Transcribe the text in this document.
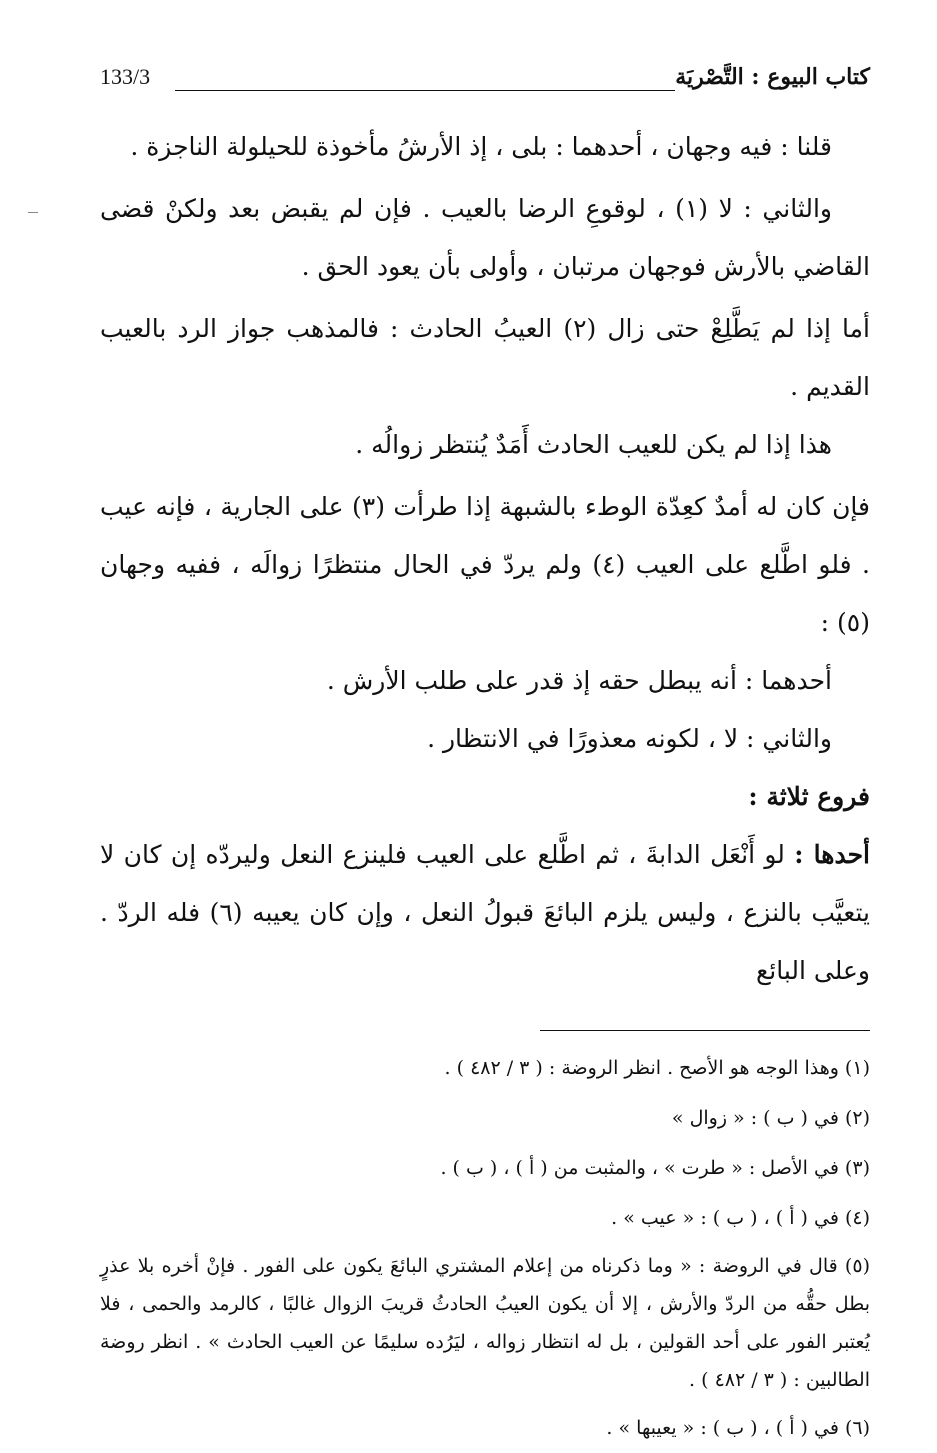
كتاب البيوع : التَّصْريَة
133/3

قلنا : فيه وجهان ، أحدهما : بلى ، إذ الأرشُ مأخوذة للحيلولة الناجزة .

والثاني : لا (١) ، لوقوعِ الرضا بالعيب . فإن لم يقبض بعد ولكنْ قضى القاضي بالأرش فوجهان مرتبان ، وأولى بأن يعود الحق .

أما إذا لم يَطَّلِعْ حتى زال (٢) العيبُ الحادث : فالمذهب جواز الرد بالعيب القديم .

هذا إذا لم يكن للعيب الحادث أَمَدٌ يُنتظر زوالُه .

فإن كان له أمدٌ كعِدّة الوطء بالشبهة إذا طرأت (٣) على الجارية ، فإنه عيب . فلو اطَّلع على العيب (٤) ولم يردّ في الحال منتظرًا زوالَه ، ففيه وجهان (٥) :

أحدهما : أنه يبطل حقه إذ قدر على طلب الأرش .

والثاني : لا ، لكونه معذورًا في الانتظار .

فروع ثلاثة :

أحدها : لو أَنْعَل الدابةَ ، ثم اطَّلع على العيب فلينزع النعل وليردّه إن كان لا يتعيَّب بالنزع ، وليس يلزم البائعَ قبولُ النعل ، وإن كان يعيبه (٦) فله الردّ . وعلى البائع

(١) وهذا الوجه هو الأصح . انظر الروضة : ( ٣ / ٤٨٢ ) .

(٢) في ( ب ) : « زوال »

(٣) في الأصل : « طرت » ، والمثبت من ( أ ) ، ( ب ) .

(٤) في ( أ ) ، ( ب ) : « عيب » .

(٥) قال في الروضة : « وما ذكرناه من إعلام المشتري البائعَ يكون على الفور . فإنْ أخره بلا عذرٍ بطل حقُّه من الردّ والأرش ، إلا أن يكون العيبُ الحادثُ قريبَ الزوال غالبًا ، كالرمد والحمى ، فلا يُعتبر الفور على أحد القولين ، بل له انتظار زواله ، ليَرُده سليمًا عن العيب الحادث » . انظر روضة الطالبين : ( ٣ / ٤٨٢ ) .

(٦) في ( أ ) ، ( ب ) : « يعيبها » .
